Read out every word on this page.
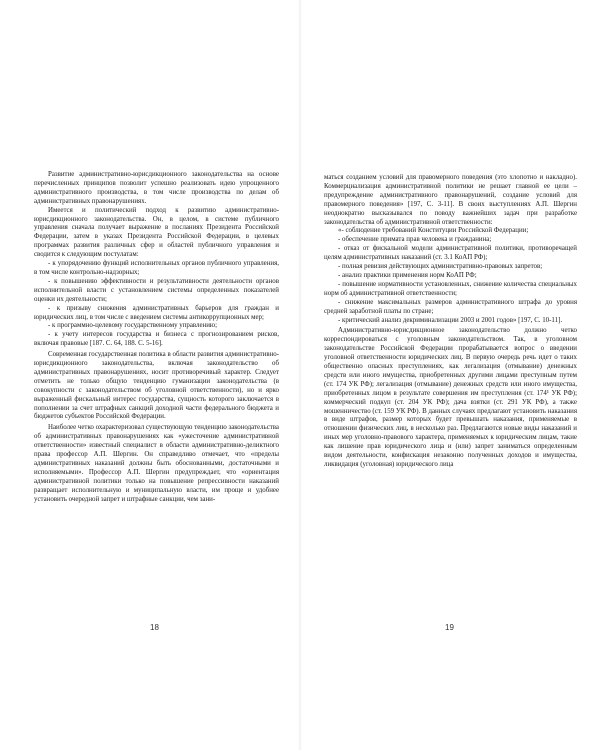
Развитие административно-юрисдикционного законодательства на основе перечисленных принципов позволит успешно реализовать идею упрощенного административного производства, в том числе производства по делам об административных правонарушениях.

Имеется и политический подход к развитию административно-юрисдикционного законодательства. Он, в целом, в системе публичного управления сначала получает выражение в посланиях Президента Российской Федерации, затем в указах Президента Российской Федерации, в целевых программах развития различных сфер и областей публичного управления и сводится к следующим постулатам:

- к упорядочению функций исполнительных органов публичного управления, в том числе контрольно-надзорных;

- к повышению эффективности и результативности деятельности органов исполнительной власти с установлением системы определенных показателей оценки их деятельности;

- к призыву снижения административных барьеров для граждан и юридических лиц, в том числе с введением системы антикоррупционных мер;

- к программно-целевому государственному управлению;

- к учету интересов государства и бизнеса с прогнозированием рисков, включая правовые [187. С. 64, 188. С. 5-16].

Современная государственная политика в области развития административно-юрисдикционного законодательства, включая законодательство об административных правонарушениях, носит противоречивый характер. Следует отметить не только общую тенденцию гуманизации законодательства (в совокупности с законодательством об уголовной ответственности), но и ярко выраженный фискальный интерес государства, сущность которого заключается в пополнении за счет штрафных санкций доходной части федерального бюджета и бюджетов субъектов Российской Федерации.

Наиболее четко охарактеризовал существующую тенденцию законодательства об административных правонарушениях как «ужесточение административной ответственности» известный специалист в области административно-деликтного права профессор А.П. Шергин. Он справедливо отмечает, что «пределы административных наказаний должны быть обоснованными, достаточными и исполняемыми». Профессор А.П. Шергин предупреждает, что «ориентация административной политики только на повышение репрессивности наказаний развращает исполнительную и муниципальную власти, им проще и удобнее установить очередной запрет и штрафные санкции, чем зани-

18

маться созданием условий для правомерного поведения (это хлопотно и накладно). Коммерциализация административной политики не решает главной ее цели – предупреждение административного правонарушений, создание условий для правомерного поведения» [197, С. 3-11]. В своих выступлениях А.П. Шергин неоднократно высказывался по поводу важнейших задач при разработке законодательства об административной ответственности:

«- соблюдение требований Конституции Российской Федерации;

- обеспечение примата прав человека и гражданина;

- отказ от фискальной модели административной политики, противоречащей целям административных наказаний (ст. 3.1 КоАП РФ);

- полная ревизия действующих административно-правовых запретов;

- анализ практики применения норм КоАП РФ;

- повышение нормативности установленных, снижение количества специальных норм об административной ответственности;

- снижение максимальных размеров административного штрафа до уровня средней заработной платы по стране;

- критический анализ декриминализации 2003 и 2001 годов» [197, С. 10-11].

Административно-юрисдикционное законодательство должно четко корреспондироваться с уголовным законодательством. Так, в уголовном законодательстве Российской Федерации прорабатывается вопрос о введении уголовной ответственности юридических лиц. В первую очередь речь идет о таких общественно опасных преступлениях, как легализация (отмывание) денежных средств или иного имущества, приобретенных другими лицами преступным путем (ст. 174 УК РФ); легализация (отмывание) денежных средств или иного имущества, приобретенных лицом в результате совершения им преступления (ст. 174¹ УК РФ); коммерческий подкуп (ст. 204 УК РФ); дача взятки (ст. 291 УК РФ), а также мошенничество (ст. 159 УК РФ). В данных случаях предлагают установить наказания в виде штрафов, размер которых будет превышать наказания, применяемые в отношении физических лиц, в несколько раз. Предлагаются новые виды наказаний и иных мер уголовно-правового характера, применяемых к юридическим лицам, такие как лишение прав юридического лица и (или) запрет заниматься определенным видом деятельности, конфискация незаконно полученных доходов и имущества, ликвидация (уголовная) юридического лица

19
